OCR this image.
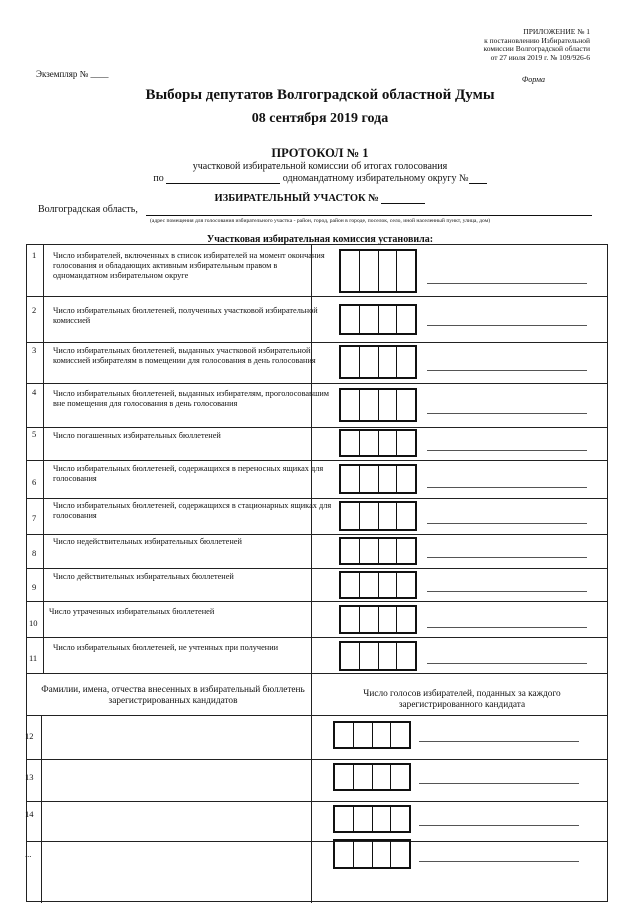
ПРИЛОЖЕНИЕ № 1
к постановлению Избирательной
комиссии Волгоградской области
от 27 июля 2019 г. № 109/926-6
Экземпляр № ____
Форма
Выборы депутатов Волгоградской областной Думы
08 сентября 2019 года
ПРОТОКОЛ № 1
участковой избирательной комиссии об итогах голосования
по	одномандатному избирательному округу №
ИЗБИРАТЕЛЬНЫЙ УЧАСТОК №
Волгоградская область,
(адрес помещения для голосования избирательного участка - район, город, район в городе, поселок, село, иной населенный пункт, улица, дом)
Участковая избирательная комиссия установила:
1 Число избирателей, включенных в список избирателей на момент окончания голосования и обладающих активным избирательным правом в одномандатном избирательном округе
2 Число избирательных бюллетеней, полученных участковой избирательной комиссией
3 Число избирательных бюллетеней, выданных участковой избирательной комиссией избирателям в помещении для голосования в день голосования
4 Число избирательных бюллетеней, выданных избирателям, проголосовавшим вне помещения для голосования в день голосования
5 Число погашенных избирательных бюллетеней
6
Число избирательных бюллетеней, содержащихся в переносных ящиках для голосования
7
Число избирательных бюллетеней, содержащихся в стационарных ящиках для голосования
8
Число недействительных избирательных бюллетеней
9
Число действительных избирательных бюллетеней
10
Число утраченных избирательных бюллетеней
11
Число избирательных бюллетеней, не учтенных при получении
Фамилии, имена, отчества внесенных в избирательный бюллетень зарегистрированных кандидатов
Число голосов избирателей, поданных за каждого зарегистрированного кандидата
12
13
14
...
